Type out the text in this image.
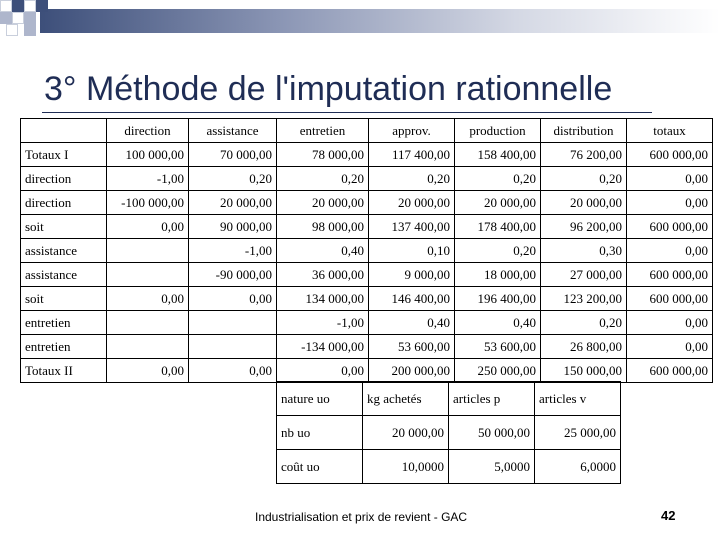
3° Méthode de l'imputation rationnelle
	direction	assistance	entretien	approv.	production	distribution	totaux
Totaux I	100 000,00	70 000,00	78 000,00	117 400,00	158 400,00	76 200,00	600 000,00
direction	-1,00	0,20	0,20	0,20	0,20	0,20	0,00
direction	-100 000,00	20 000,00	20 000,00	20 000,00	20 000,00	20 000,00	0,00
soit	0,00	90 000,00	98 000,00	137 400,00	178 400,00	96 200,00	600 000,00
assistance		-1,00	0,40	0,10	0,20	0,30	0,00
assistance		-90 000,00	36 000,00	9 000,00	18 000,00	27 000,00	600 000,00
soit	0,00	0,00	134 000,00	146 400,00	196 400,00	123 200,00	600 000,00
entretien			-1,00	0,40	0,40	0,20	0,00
entretien			-134 000,00	53 600,00	53 600,00	26 800,00	0,00
Totaux II	0,00	0,00	0,00	200 000,00	250 000,00	150 000,00	600 000,00
nature uo	kg achetés	articles p	articles v
nb uo	20 000,00	50 000,00	25 000,00
coût uo	10,0000	5,0000	6,0000
Industrialisation et prix de revient - GAC	42
